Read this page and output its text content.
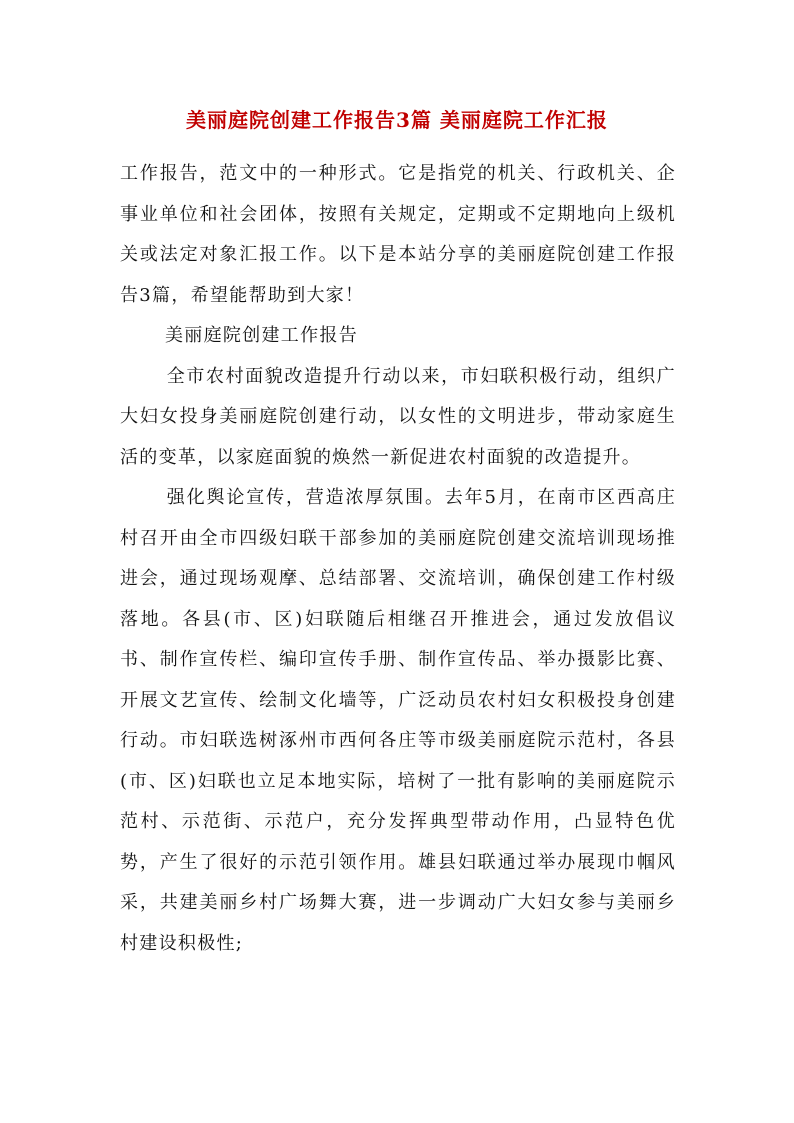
美丽庭院创建工作报告3篇 美丽庭院工作汇报

工作报告，范文中的一种形式。它是指党的机关、行政机关、企事业单位和社会团体，按照有关规定，定期或不定期地向上级机关或法定对象汇报工作。以下是本站分享的美丽庭院创建工作报告3篇，希望能帮助到大家！

美丽庭院创建工作报告

全市农村面貌改造提升行动以来，市妇联积极行动，组织广大妇女投身美丽庭院创建行动，以女性的文明进步，带动家庭生活的变革，以家庭面貌的焕然一新促进农村面貌的改造提升。

强化舆论宣传，营造浓厚氛围。去年5月，在南市区西高庄村召开由全市四级妇联干部参加的美丽庭院创建交流培训现场推进会，通过现场观摩、总结部署、交流培训，确保创建工作村级落地。各县(市、区)妇联随后相继召开推进会，通过发放倡议书、制作宣传栏、编印宣传手册、制作宣传品、举办摄影比赛、开展文艺宣传、绘制文化墙等，广泛动员农村妇女积极投身创建行动。市妇联选树涿州市西何各庄等市级美丽庭院示范村，各县(市、区)妇联也立足本地实际，培树了一批有影响的美丽庭院示范村、示范街、示范户，充分发挥典型带动作用，凸显特色优势，产生了很好的示范引领作用。雄县妇联通过举办展现巾帼风采，共建美丽乡村广场舞大赛，进一步调动广大妇女参与美丽乡村建设积极性;
